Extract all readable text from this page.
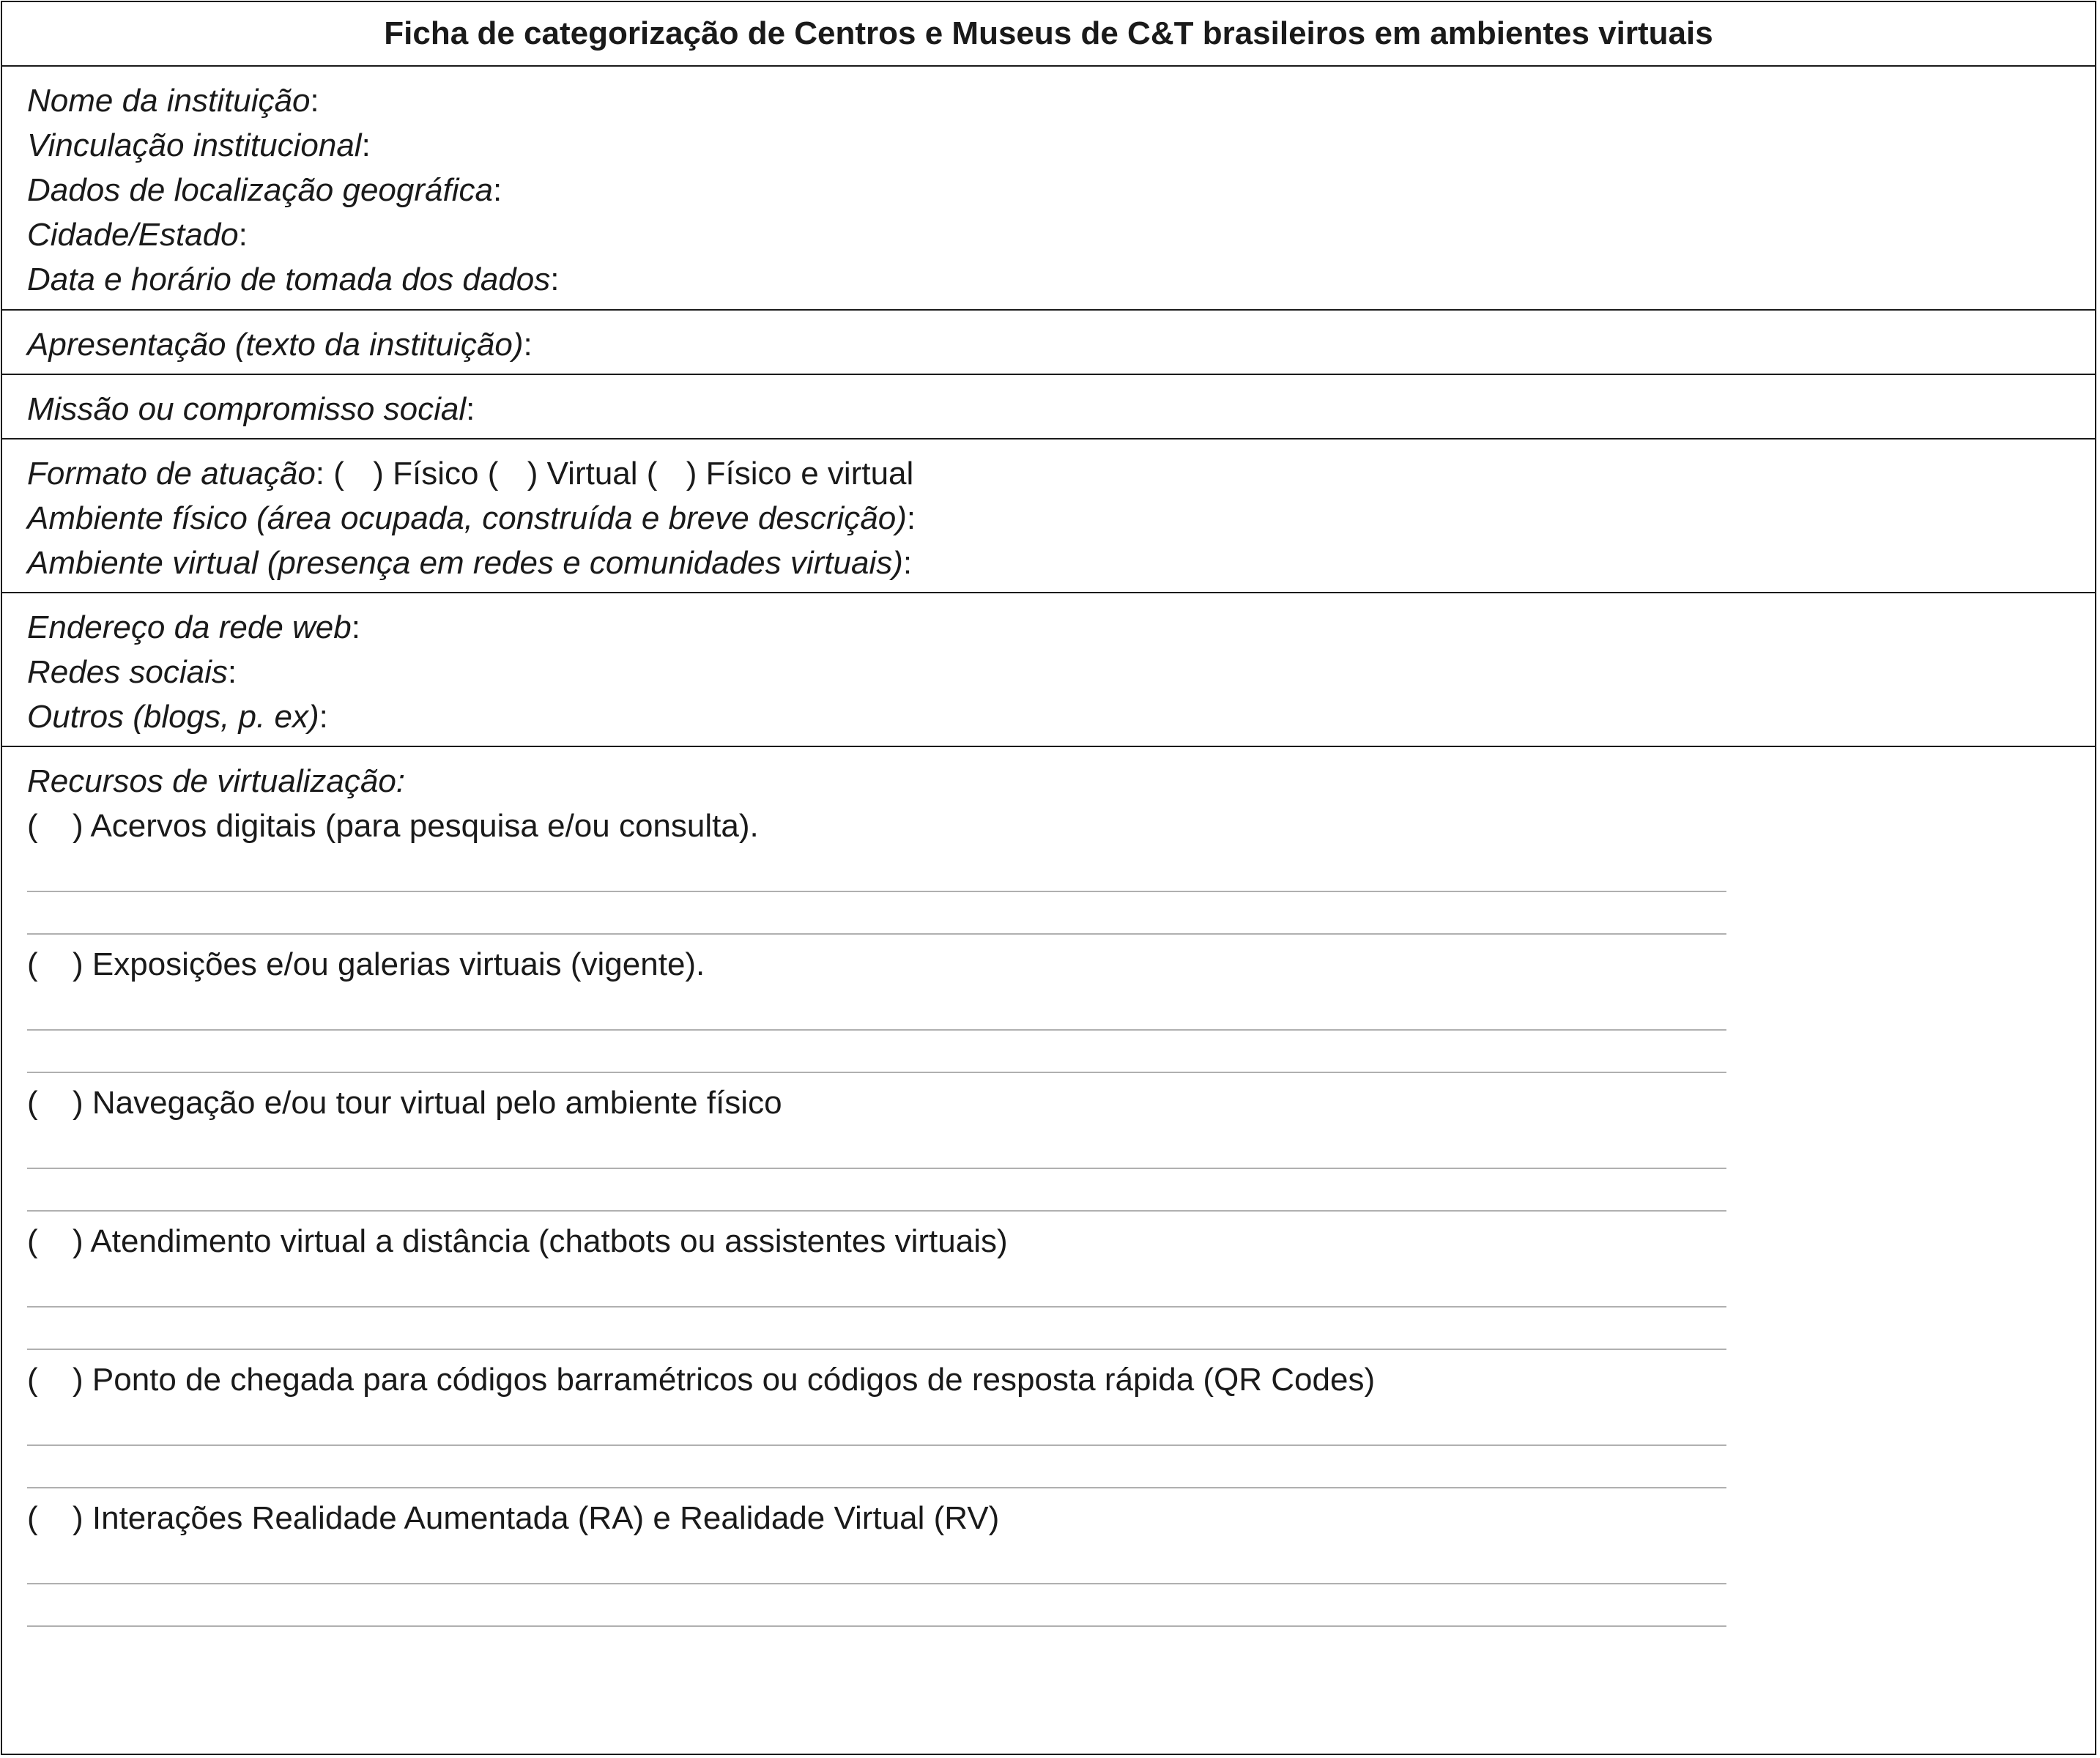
Ficha de categorização de Centros e Museus de C&T brasileiros em ambientes virtuais
Nome da instituição:
Vinculação institucional:
Dados de localização geográfica:
Cidade/Estado:
Data e horário de tomada dos dados:
Apresentação (texto da instituição):
Missão ou compromisso social:
Formato de atuação: ( ) Físico ( ) Virtual ( ) Físico e virtual
Ambiente físico (área ocupada, construída e breve descrição):
Ambiente virtual (presença em redes e comunidades virtuais):
Endereço da rede web:
Redes sociais:
Outros (blogs, p. ex):
Recursos de virtualização:
( ) Acervos digitais (para pesquisa e/ou consulta).
( ) Exposições e/ou galerias virtuais (vigente).
( ) Navegação e/ou tour virtual pelo ambiente físico
( ) Atendimento virtual a distância (chatbots ou assistentes virtuais)
( ) Ponto de chegada para códigos barramétricos ou códigos de resposta rápida (QR Codes)
( ) Interações Realidade Aumentada (RA) e Realidade Virtual (RV)
